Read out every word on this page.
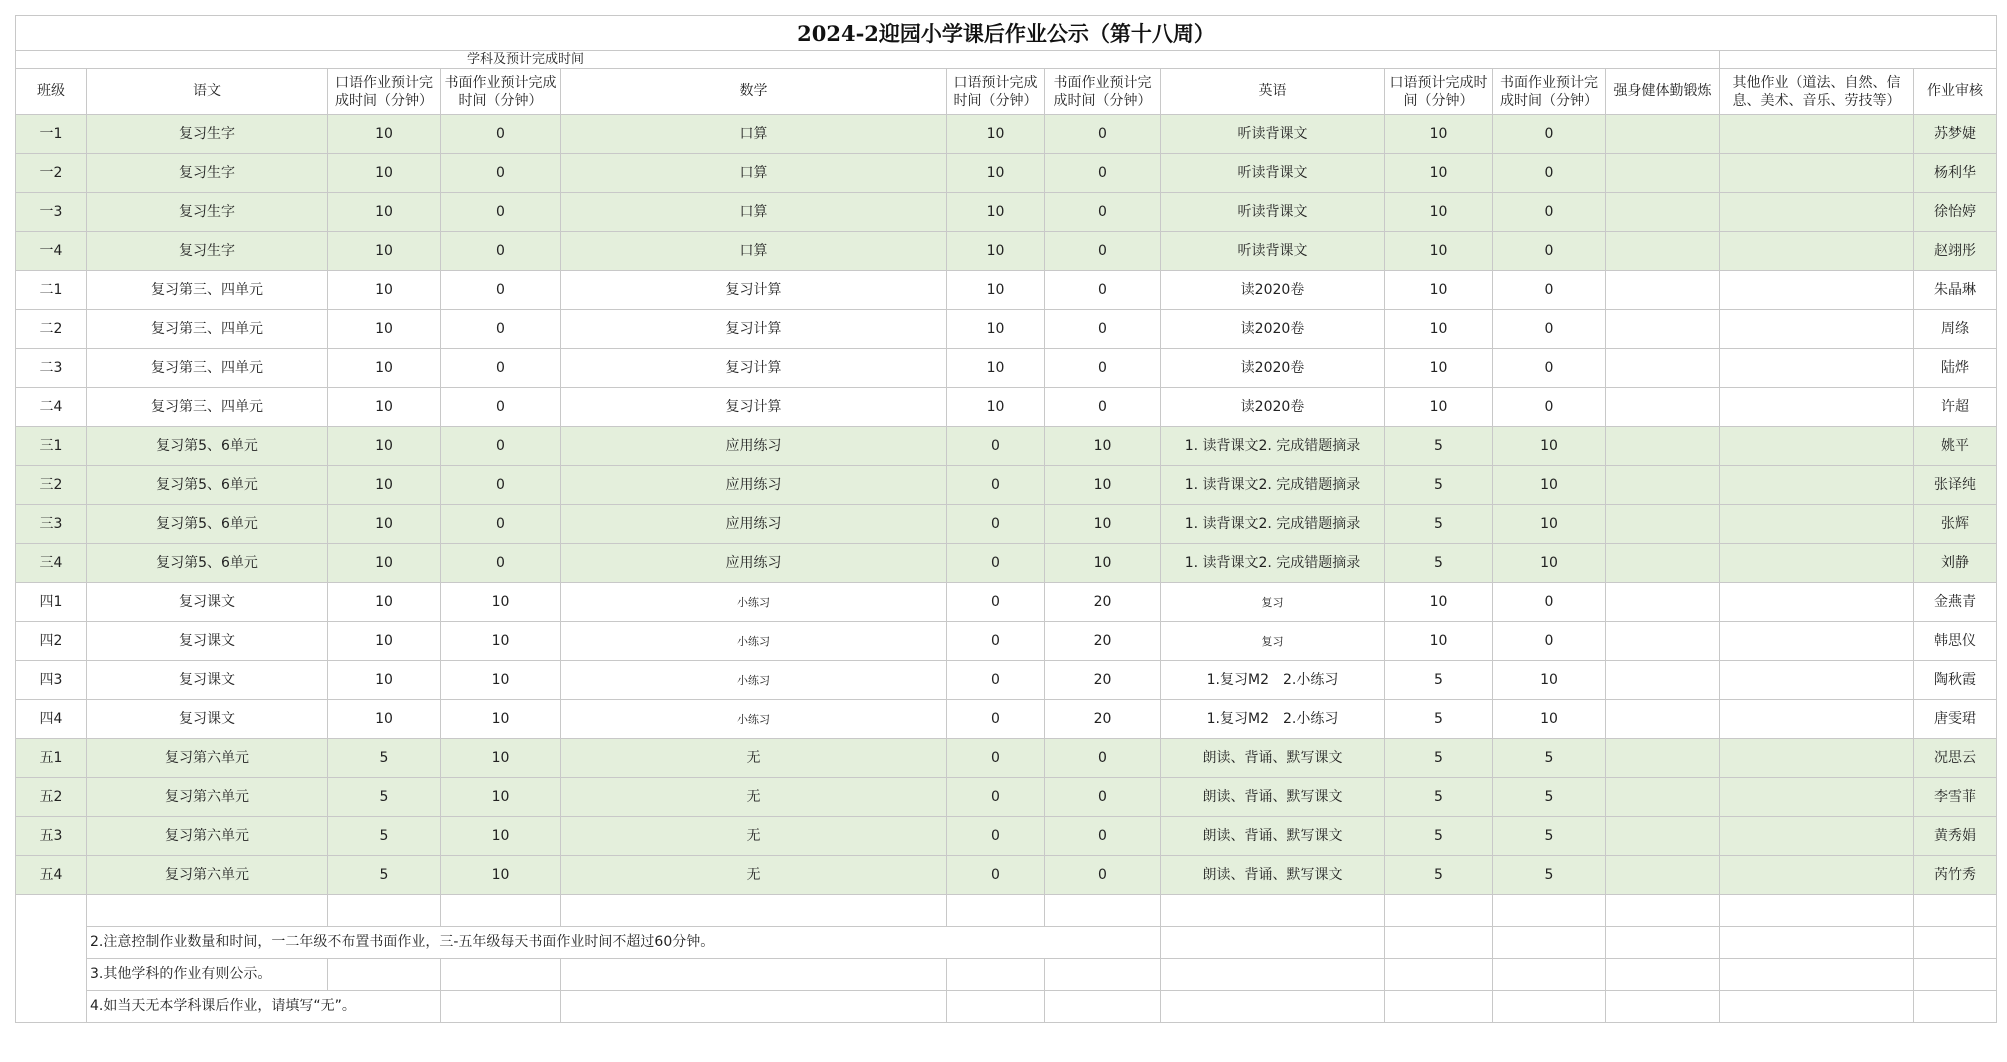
2024-2迎园小学课后作业公示（第十八周）												
	学科及预计完成时间											
班级	语文	口语作业预计完成时间（分钟）	书面作业预计完成时间（分钟）	数学	口语预计完成时间（分钟）	书面作业预计完成时间（分钟）	英语	口语预计完成时间（分钟）	书面作业预计完成时间（分钟）	强身健体勤锻炼	其他作业（道法、自然、信息、美术、音乐、劳技等）	作业审核
一1	复习生字	10	0	口算	10	0	听读背课文	10	0			苏梦婕
一2	复习生字	10	0	口算	10	0	听读背课文	10	0			杨利华
一3	复习生字	10	0	口算	10	0	听读背课文	10	0			徐怡婷
一4	复习生字	10	0	口算	10	0	听读背课文	10	0			赵翊彤
二1	复习第三、四单元	10	0	复习计算	10	0	读2020卷	10	0			朱晶琳
二2	复习第三、四单元	10	0	复习计算	10	0	读2020卷	10	0			周绦
二3	复习第三、四单元	10	0	复习计算	10	0	读2020卷	10	0			陆烨
二4	复习第三、四单元	10	0	复习计算	10	0	读2020卷	10	0			许超
三1	复习第5、6单元	10	0	应用练习	0	10	1. 读背课文2. 完成错题摘录	5	10			姚平
三2	复习第5、6单元	10	0	应用练习	0	10	1. 读背课文2. 完成错题摘录	5	10			张译纯
三3	复习第5、6单元	10	0	应用练习	0	10	1. 读背课文2. 完成错题摘录	5	10			张辉
三4	复习第5、6单元	10	0	应用练习	0	10	1. 读背课文2. 完成错题摘录	5	10			刘静
四1	复习课文	10	10	小练习	0	20	复习	10	0			金燕青
四2	复习课文	10	10	小练习	0	20	复习	10	0			韩思仪
四3	复习课文	10	10	小练习	0	20	1.复习M2　2.小练习	5	10			陶秋霞
四4	复习课文	10	10	小练习	0	20	1.复习M2　2.小练习	5	10			唐雯珺
五1	复习第六单元	5	10	无	0	0	朗读、背诵、默写课文	5	5			况思云
五2	复习第六单元	5	10	无	0	0	朗读、背诵、默写课文	5	5			李雪菲
五3	复习第六单元	5	10	无	0	0	朗读、背诵、默写课文	5	5			黄秀娟
五4	复习第六单元	5	10	无	0	0	朗读、背诵、默写课文	5	5			芮竹秀

	2.注意控制作业数量和时间，一二年级不布置书面作业，三-五年级每天书面作业时间不超过60分钟。											
	3.其他学科的作业有则公示。											
	4.如当天无本学科课后作业，请填写“无”。											
